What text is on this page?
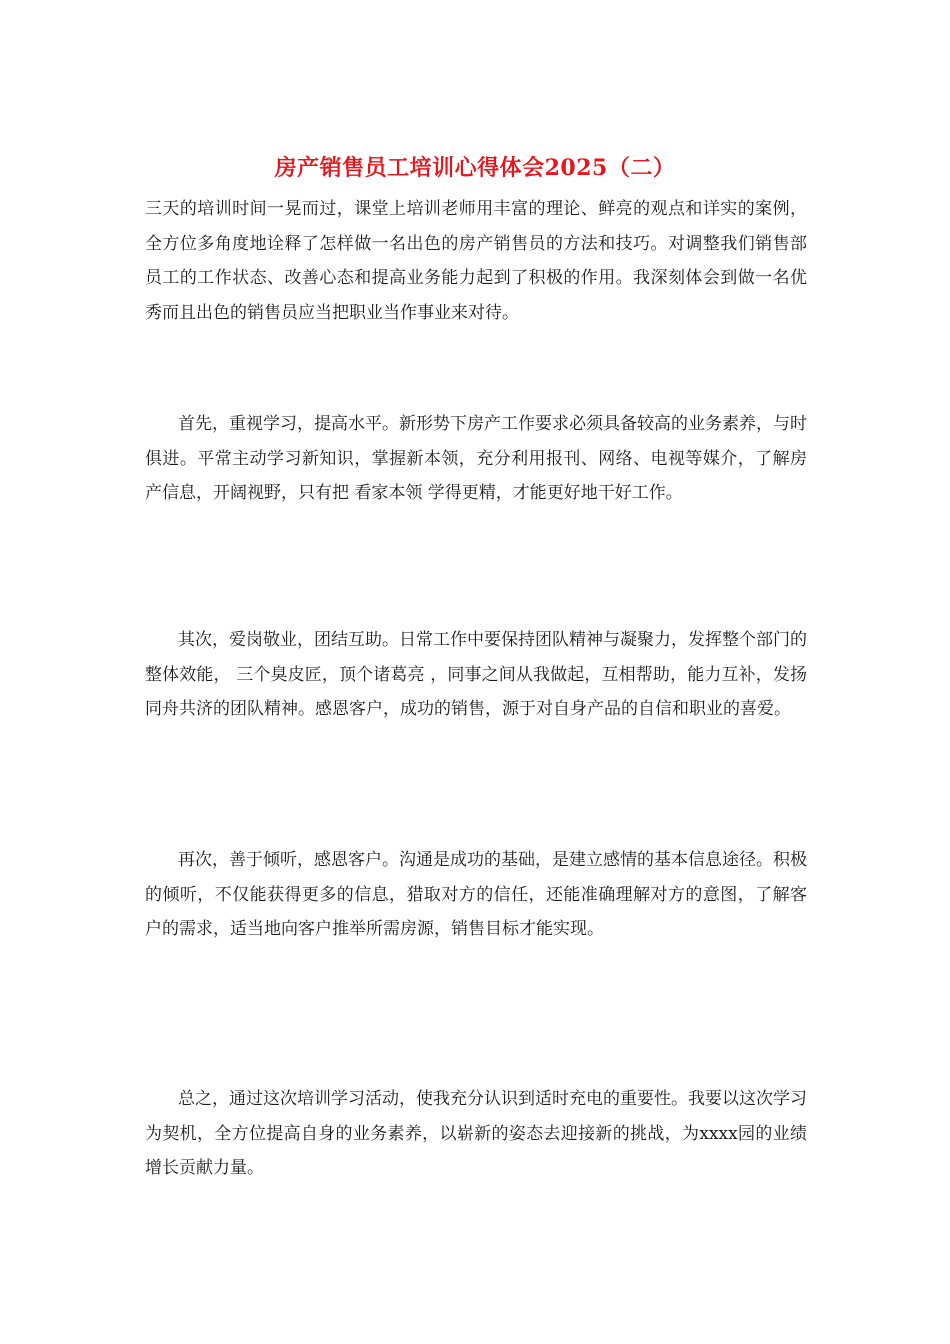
房产销售员工培训心得体会2025（二）

三天的培训时间一晃而过，课堂上培训老师用丰富的理论、鲜亮的观点和详实的案例，全方位多角度地诠释了怎样做一名出色的房产销售员的方法和技巧。对调整我们销售部员工的工作状态、改善心态和提高业务能力起到了积极的作用。我深刻体会到做一名优秀而且出色的销售员应当把职业当作事业来对待。

首先，重视学习，提高水平。新形势下房产工作要求必须具备较高的业务素养，与时俱进。平常主动学习新知识，掌握新本领，充分利用报刊、网络、电视等媒介，了解房产信息，开阔视野，只有把 看家本领 学得更精，才能更好地干好工作。

其次，爱岗敬业，团结互助。日常工作中要保持团队精神与凝聚力，发挥整个部门的整体效能， 三个臭皮匠，顶个诸葛亮 ，同事之间从我做起，互相帮助，能力互补，发扬同舟共济的团队精神。感恩客户，成功的销售，源于对自身产品的自信和职业的喜爱。

再次，善于倾听，感恩客户。沟通是成功的基础，是建立感情的基本信息途径。积极的倾听，不仅能获得更多的信息，猎取对方的信任，还能准确理解对方的意图，了解客户的需求，适当地向客户推举所需房源，销售目标才能实现。

总之，通过这次培训学习活动，使我充分认识到适时充电的重要性。我要以这次学习为契机，全方位提高自身的业务素养，以崭新的姿态去迎接新的挑战，为xxxx园的业绩增长贡献力量。
